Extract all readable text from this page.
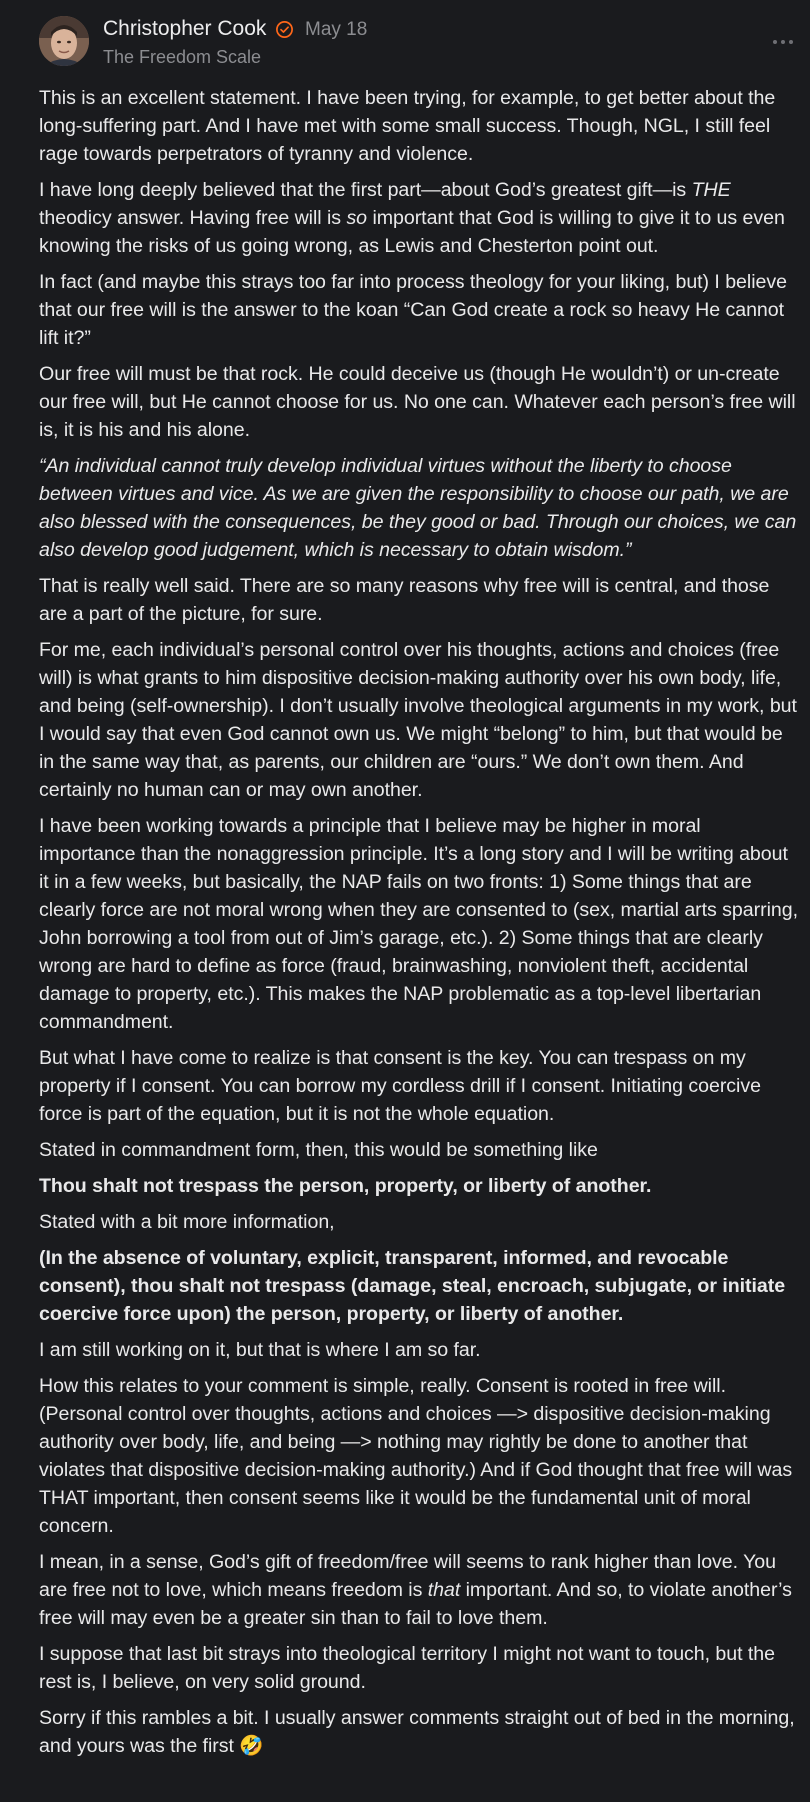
Christopher Cook May 18
The Freedom Scale

This is an excellent statement. I have been trying, for example, to get better about the long-suffering part. And I have met with some small success. Though, NGL, I still feel rage towards perpetrators of tyranny and violence.

I have long deeply believed that the first part—about God’s greatest gift—is THE theodicy answer. Having free will is so important that God is willing to give it to us even knowing the risks of us going wrong, as Lewis and Chesterton point out.

In fact (and maybe this strays too far into process theology for your liking, but) I believe that our free will is the answer to the koan “Can God create a rock so heavy He cannot lift it?”

Our free will must be that rock. He could deceive us (though He wouldn’t) or un-create our free will, but He cannot choose for us. No one can. Whatever each person’s free will is, it is his and his alone.

“An individual cannot truly develop individual virtues without the liberty to choose between virtues and vice. As we are given the responsibility to choose our path, we are also blessed with the consequences, be they good or bad. Through our choices, we can also develop good judgement, which is necessary to obtain wisdom.”

That is really well said. There are so many reasons why free will is central, and those are a part of the picture, for sure.

For me, each individual’s personal control over his thoughts, actions and choices (free will) is what grants to him dispositive decision-making authority over his own body, life, and being (self-ownership). I don’t usually involve theological arguments in my work, but I would say that even God cannot own us. We might “belong” to him, but that would be in the same way that, as parents, our children are “ours.” We don’t own them. And certainly no human can or may own another.

I have been working towards a principle that I believe may be higher in moral importance than the nonaggression principle. It’s a long story and I will be writing about it in a few weeks, but basically, the NAP fails on two fronts: 1) Some things that are clearly force are not moral wrong when they are consented to (sex, martial arts sparring, John borrowing a tool from out of Jim’s garage, etc.). 2) Some things that are clearly wrong are hard to define as force (fraud, brainwashing, nonviolent theft, accidental damage to property, etc.). This makes the NAP problematic as a top-level libertarian commandment.

But what I have come to realize is that consent is the key. You can trespass on my property if I consent. You can borrow my cordless drill if I consent. Initiating coercive force is part of the equation, but it is not the whole equation.

Stated in commandment form, then, this would be something like

Thou shalt not trespass the person, property, or liberty of another.

Stated with a bit more information,

(In the absence of voluntary, explicit, transparent, informed, and revocable consent), thou shalt not trespass (damage, steal, encroach, subjugate, or initiate coercive force upon) the person, property, or liberty of another.

I am still working on it, but that is where I am so far.

How this relates to your comment is simple, really. Consent is rooted in free will. (Personal control over thoughts, actions and choices —> dispositive decision-making authority over body, life, and being —> nothing may rightly be done to another that violates that dispositive decision-making authority.) And if God thought that free will was THAT important, then consent seems like it would be the fundamental unit of moral concern.

I mean, in a sense, God’s gift of freedom/free will seems to rank higher than love. You are free not to love, which means freedom is that important. And so, to violate another’s free will may even be a greater sin than to fail to love them.

I suppose that last bit strays into theological territory I might not want to touch, but the rest is, I believe, on very solid ground.

Sorry if this rambles a bit. I usually answer comments straight out of bed in the morning, and yours was the first 🤣
